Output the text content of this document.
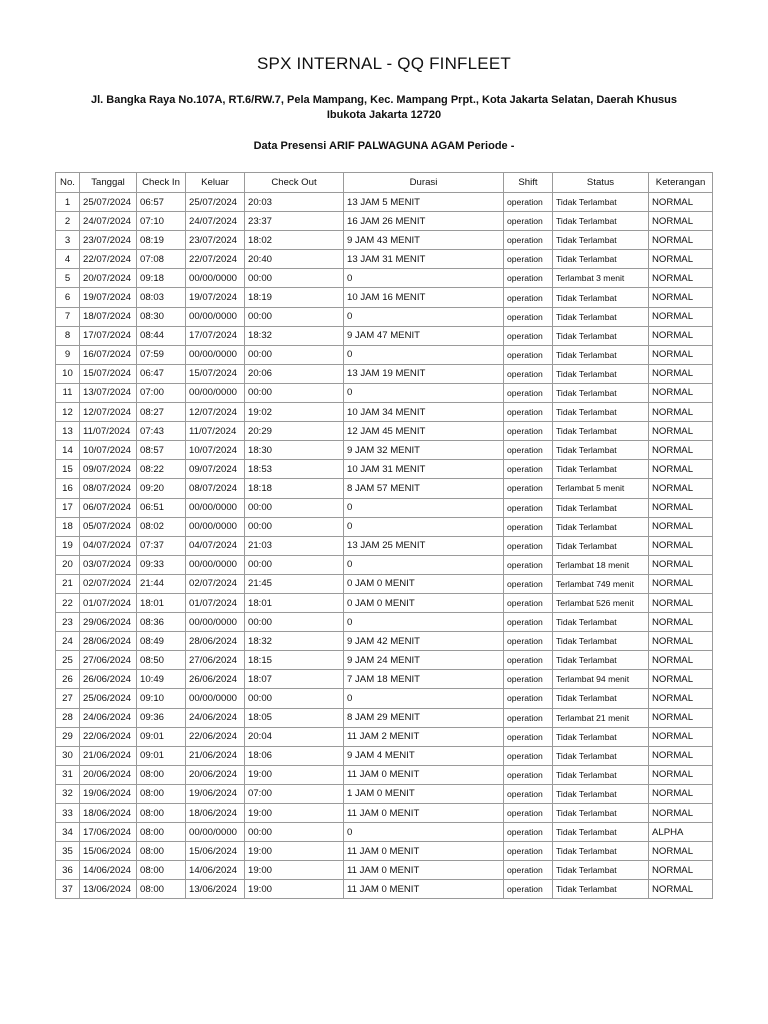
SPX INTERNAL - QQ FINFLEET
Jl. Bangka Raya No.107A, RT.6/RW.7, Pela Mampang, Kec. Mampang Prpt., Kota Jakarta Selatan, Daerah Khusus
Ibukota Jakarta 12720
Data Presensi ARIF PALWAGUNA AGAM Periode -
No.	Tanggal	Check In	Keluar	Check Out	Durasi	Shift	Status	Keterangan
1	25/07/2024	06:57	25/07/2024	20:03	13 JAM 5 MENIT	operation	Tidak Terlambat	NORMAL
2	24/07/2024	07:10	24/07/2024	23:37	16 JAM 26 MENIT	operation	Tidak Terlambat	NORMAL
3	23/07/2024	08:19	23/07/2024	18:02	9 JAM 43 MENIT	operation	Tidak Terlambat	NORMAL
4	22/07/2024	07:08	22/07/2024	20:40	13 JAM 31 MENIT	operation	Tidak Terlambat	NORMAL
5	20/07/2024	09:18	00/00/0000	00:00	0	operation	Terlambat 3 menit	NORMAL
6	19/07/2024	08:03	19/07/2024	18:19	10 JAM 16 MENIT	operation	Tidak Terlambat	NORMAL
7	18/07/2024	08:30	00/00/0000	00:00	0	operation	Tidak Terlambat	NORMAL
8	17/07/2024	08:44	17/07/2024	18:32	9 JAM 47 MENIT	operation	Tidak Terlambat	NORMAL
9	16/07/2024	07:59	00/00/0000	00:00	0	operation	Tidak Terlambat	NORMAL
10	15/07/2024	06:47	15/07/2024	20:06	13 JAM 19 MENIT	operation	Tidak Terlambat	NORMAL
11	13/07/2024	07:00	00/00/0000	00:00	0	operation	Tidak Terlambat	NORMAL
12	12/07/2024	08:27	12/07/2024	19:02	10 JAM 34 MENIT	operation	Tidak Terlambat	NORMAL
13	11/07/2024	07:43	11/07/2024	20:29	12 JAM 45 MENIT	operation	Tidak Terlambat	NORMAL
14	10/07/2024	08:57	10/07/2024	18:30	9 JAM 32 MENIT	operation	Tidak Terlambat	NORMAL
15	09/07/2024	08:22	09/07/2024	18:53	10 JAM 31 MENIT	operation	Tidak Terlambat	NORMAL
16	08/07/2024	09:20	08/07/2024	18:18	8 JAM 57 MENIT	operation	Terlambat 5 menit	NORMAL
17	06/07/2024	06:51	00/00/0000	00:00	0	operation	Tidak Terlambat	NORMAL
18	05/07/2024	08:02	00/00/0000	00:00	0	operation	Tidak Terlambat	NORMAL
19	04/07/2024	07:37	04/07/2024	21:03	13 JAM 25 MENIT	operation	Tidak Terlambat	NORMAL
20	03/07/2024	09:33	00/00/0000	00:00	0	operation	Terlambat 18 menit	NORMAL
21	02/07/2024	21:44	02/07/2024	21:45	0 JAM 0 MENIT	operation	Terlambat 749 menit	NORMAL
22	01/07/2024	18:01	01/07/2024	18:01	0 JAM 0 MENIT	operation	Terlambat 526 menit	NORMAL
23	29/06/2024	08:36	00/00/0000	00:00	0	operation	Tidak Terlambat	NORMAL
24	28/06/2024	08:49	28/06/2024	18:32	9 JAM 42 MENIT	operation	Tidak Terlambat	NORMAL
25	27/06/2024	08:50	27/06/2024	18:15	9 JAM 24 MENIT	operation	Tidak Terlambat	NORMAL
26	26/06/2024	10:49	26/06/2024	18:07	7 JAM 18 MENIT	operation	Terlambat 94 menit	NORMAL
27	25/06/2024	09:10	00/00/0000	00:00	0	operation	Tidak Terlambat	NORMAL
28	24/06/2024	09:36	24/06/2024	18:05	8 JAM 29 MENIT	operation	Terlambat 21 menit	NORMAL
29	22/06/2024	09:01	22/06/2024	20:04	11 JAM 2 MENIT	operation	Tidak Terlambat	NORMAL
30	21/06/2024	09:01	21/06/2024	18:06	9 JAM 4 MENIT	operation	Tidak Terlambat	NORMAL
31	20/06/2024	08:00	20/06/2024	19:00	11 JAM 0 MENIT	operation	Tidak Terlambat	NORMAL
32	19/06/2024	08:00	19/06/2024	07:00	1 JAM 0 MENIT	operation	Tidak Terlambat	NORMAL
33	18/06/2024	08:00	18/06/2024	19:00	11 JAM 0 MENIT	operation	Tidak Terlambat	NORMAL
34	17/06/2024	08:00	00/00/0000	00:00	0	operation	Tidak Terlambat	ALPHA
35	15/06/2024	08:00	15/06/2024	19:00	11 JAM 0 MENIT	operation	Tidak Terlambat	NORMAL
36	14/06/2024	08:00	14/06/2024	19:00	11 JAM 0 MENIT	operation	Tidak Terlambat	NORMAL
37	13/06/2024	08:00	13/06/2024	19:00	11 JAM 0 MENIT	operation	Tidak Terlambat	NORMAL
